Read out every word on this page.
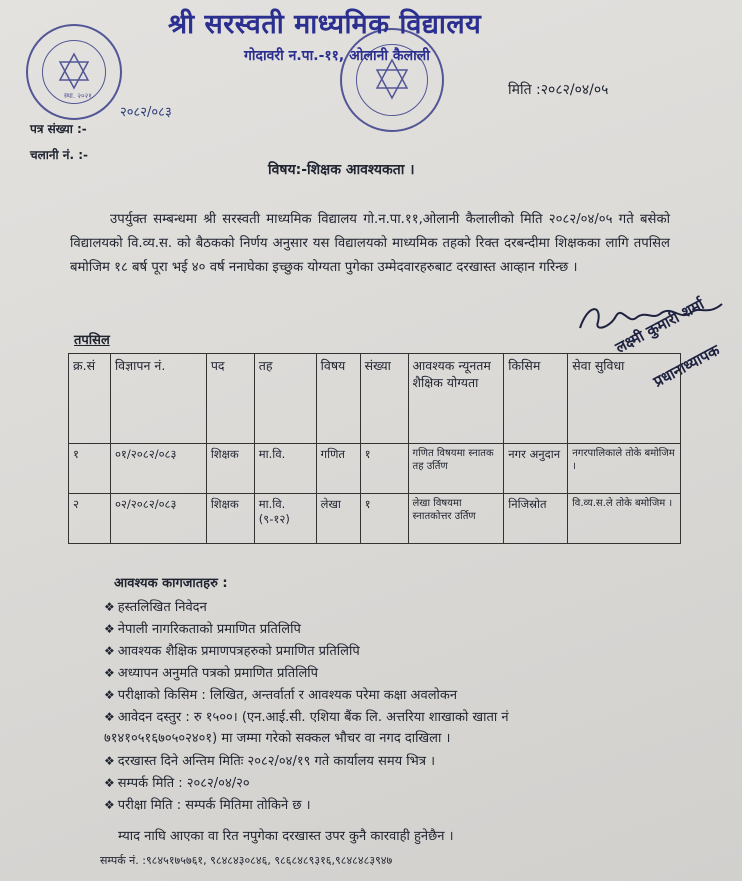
स्था. २०२१
श्री सरस्वती माध्यमिक विद्यालय
गोदावरी न.पा.-११, ओलानी कैलाली
मिति :२०८२/०४/०५
२०८२/०८३
पत्र संख्या :-
चलानी नं. :-
विषय:-शिक्षक आवश्यकता ।
उपर्युक्त सम्बन्धमा श्री सरस्वती माध्यमिक विद्यालय गो.न.पा.११,ओलानी कैलालीको मिति २०८२/०४/०५ गते बसेको विद्यालयको वि.व्य.स. को बैठकको निर्णय अनुसार यस विद्यालयको माध्यमिक तहको रिक्त दरबन्दीमा शिक्षकका लागि तपसिल बमोजिम १८ बर्ष पूरा भई ४० वर्ष ननाघेका इच्छुक योग्यता पुगेका उम्मेदवारहरुबाट दरखास्त आव्हान गरिन्छ ।
लक्ष्मी कुमारी शर्मा
प्रधानाध्यापक
तपसिल
क्र.सं	विज्ञापन नं.	पद	तह	विषय	संख्या	आवश्यक न्यूनतम शैक्षिक योग्यता	किसिम	सेवा सुविधा
१	०१/२०८२/०८३	शिक्षक	मा.वि.	गणित	१	गणित विषयमा स्नातक तह उर्तिण	नगर अनुदान	नगरपालिकाले तोके बमोजिम ।
२	०२/२०८२/०८३	शिक्षक	मा.वि. (९-१२)	लेखा	१	लेखा विषयमा स्नातकोत्तर उर्तिण	निजिस्रोत	वि.व्य.स.ले तोके बमोजिम ।
आवश्यक कागजातहरु :
❖ हस्तलिखित निवेदन
❖ नेपाली नागरिकताको प्रमाणित प्रतिलिपि
❖ आवश्यक शैक्षिक प्रमाणपत्रहरुको प्रमाणित प्रतिलिपि
❖ अध्यापन अनुमति पत्रको प्रमाणित प्रतिलिपि
❖ परीक्षाको किसिम : लिखित, अन्तर्वार्ता र आवश्यक परेमा कक्षा अवलोकन
❖ आवेदन दस्तुर : रु १५००। (एन.आई.सी. एशिया बैंक लि. अत्तरिया शाखाको खाता नं
७१४१०५१६७०५०२४०१) मा जम्मा गरेको सक्कल भौचर वा नगद दाखिला ।
❖ दरखास्त दिने अन्तिम मितिः २०८२/०४/१९ गते कार्यालय समय भित्र ।
❖ सम्पर्क मिति : २०८२/०४/२०
❖ परीक्षा मिति : सम्पर्क मितिमा तोकिने छ ।
म्याद नाघि आएका वा रित नपुगेका दरखास्त उपर कुनै कारवाही हुनेछैन ।
सम्पर्क नं. :९८४५१७५७६१, ९८४८४३०८४६, ९८६८४८९३१६,९८४८४८३९४७
